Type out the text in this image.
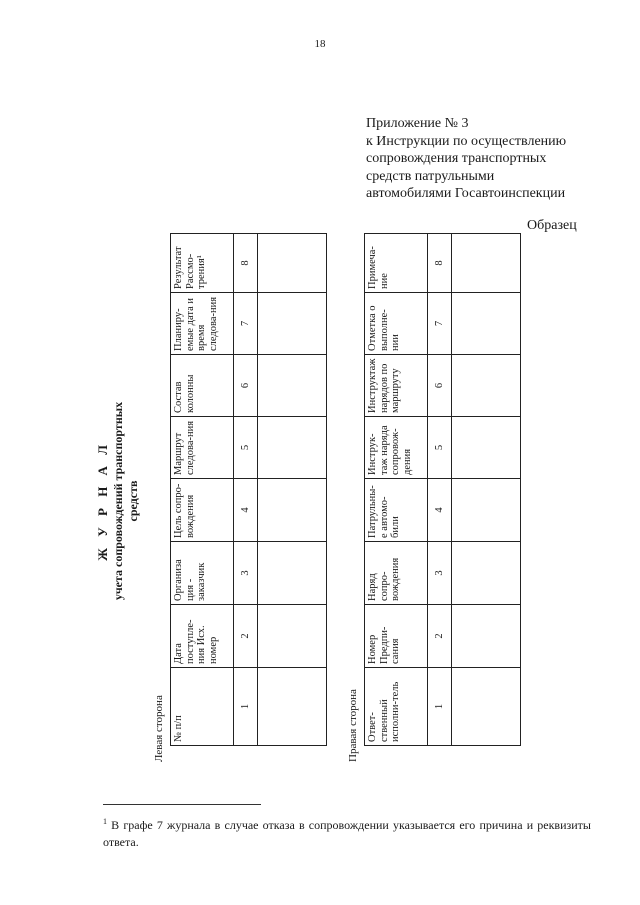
18
Приложение № 3
к Инструкции по осуществлению
сопровождения транспортных
средств патрульными
автомобилями Госавтоинспекции
Образец
Ж У Р Н А Л учета сопровождений транспортных средств
Левая сторона № п/п	Дата поступле-ния Исх. номер	Организа ция - заказчик	Цель сопро-вождения	Маршрут следова-ния	Состав колонны	Планиру-емые дата и время следова-ния	Результат Рассмо-трения¹
1	2	3	4	5	6	7	8

Правая сторона Ответ-ственный исполни-тель	Номер Предпи-сания	Наряд сопро-вождения	Патрульны-е автомо-били	Инструк-таж наряда сопровож-дения	Инструктаж нарядов по маршруту	Отметка о выполне-нии	Примеча-ние
1	2	3	4	5	6	7	8

$^1$ В графе 7 журнала в случае отказа в сопровождении указывается его причина и реквизиты ответа.
